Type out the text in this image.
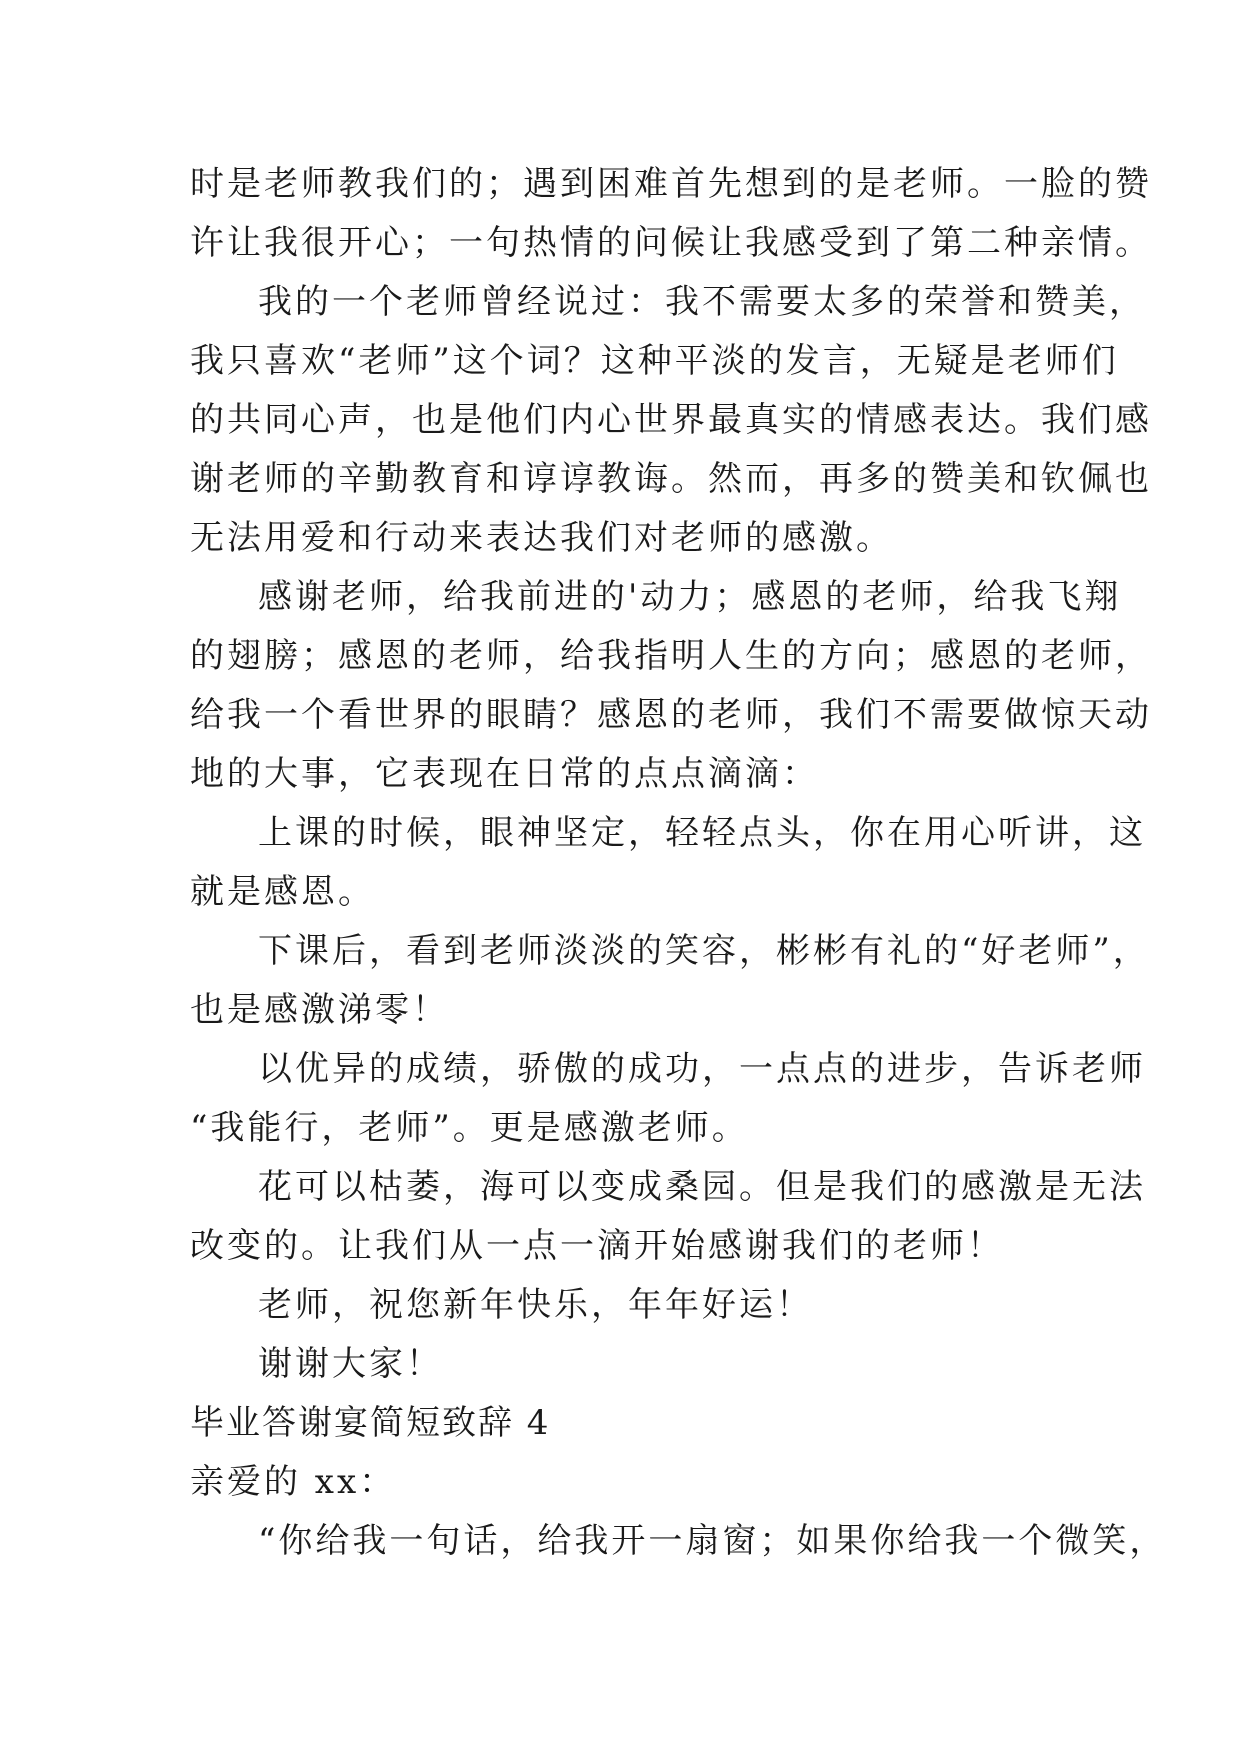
时是老师教我们的；遇到困难首先想到的是老师。一脸的赞
许让我很开心；一句热情的问候让我感受到了第二种亲情。
我的一个老师曾经说过：我不需要太多的荣誉和赞美，
我只喜欢“老师”这个词？这种平淡的发言，无疑是老师们
的共同心声，也是他们内心世界最真实的情感表达。我们感
谢老师的辛勤教育和谆谆教诲。然而，再多的赞美和钦佩也
无法用爱和行动来表达我们对老师的感激。
感谢老师，给我前进的'动力；感恩的老师，给我飞翔
的翅膀；感恩的老师，给我指明人生的方向；感恩的老师，
给我一个看世界的眼睛？感恩的老师，我们不需要做惊天动
地的大事，它表现在日常的点点滴滴：
上课的时候，眼神坚定，轻轻点头，你在用心听讲，这
就是感恩。
下课后，看到老师淡淡的笑容，彬彬有礼的“好老师”，
也是感激涕零！
以优异的成绩，骄傲的成功，一点点的进步，告诉老师
“我能行，老师”。更是感激老师。
花可以枯萎，海可以变成桑园。但是我们的感激是无法
改变的。让我们从一点一滴开始感谢我们的老师！
老师，祝您新年快乐，年年好运！
谢谢大家！
毕业答谢宴简短致辞 4
亲爱的 xx：
“你给我一句话，给我开一扇窗；如果你给我一个微笑，
